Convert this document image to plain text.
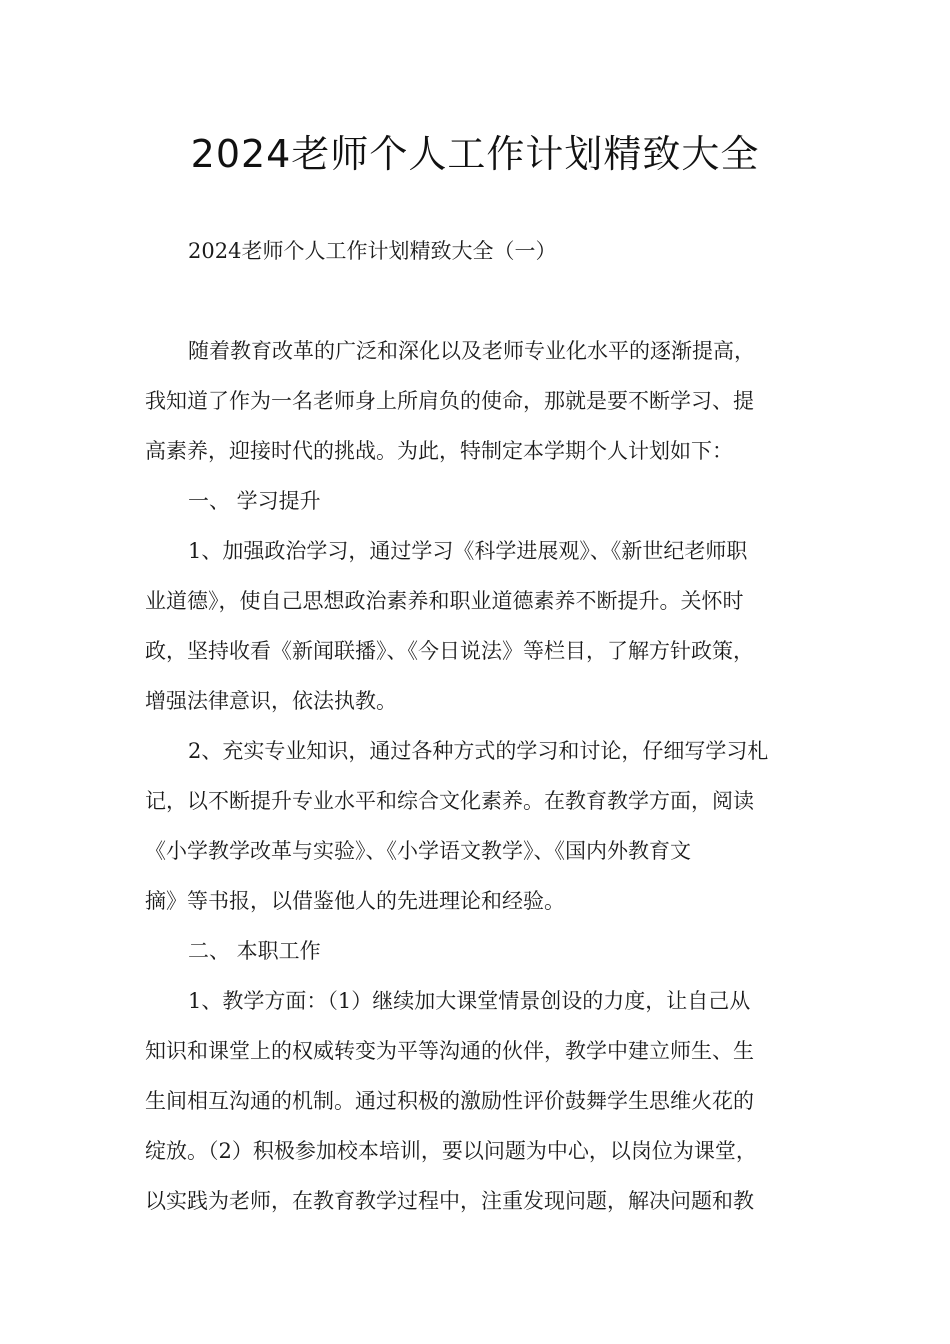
2024老师个人工作计划精致大全
2024老师个人工作计划精致大全（一）
随着教育改革的广泛和深化以及老师专业化水平的逐渐提高，
我知道了作为一名老师身上所肩负的使命，那就是要不断学习、提
高素养，迎接时代的挑战。为此，特制定本学期个人计划如下：
一、 学习提升
1、加强政治学习，通过学习《科学进展观》、《新世纪老师职
业道德》，使自己思想政治素养和职业道德素养不断提升。关怀时
政，坚持收看《新闻联播》、《今日说法》等栏目，了解方针政策，
增强法律意识，依法执教。
2、充实专业知识，通过各种方式的学习和讨论，仔细写学习札
记，以不断提升专业水平和综合文化素养。在教育教学方面，阅读
《小学教学改革与实验》、《小学语文教学》、《国内外教育文
摘》等书报，以借鉴他人的先进理论和经验。
二、 本职工作
1、教学方面：（1）继续加大课堂情景创设的力度，让自己从
知识和课堂上的权威转变为平等沟通的伙伴，教学中建立师生、生
生间相互沟通的机制。通过积极的激励性评价鼓舞学生思维火花的
绽放。（2）积极参加校本培训，要以问题为中心，以岗位为课堂，
以实践为老师，在教育教学过程中，注重发现问题，解决问题和教
